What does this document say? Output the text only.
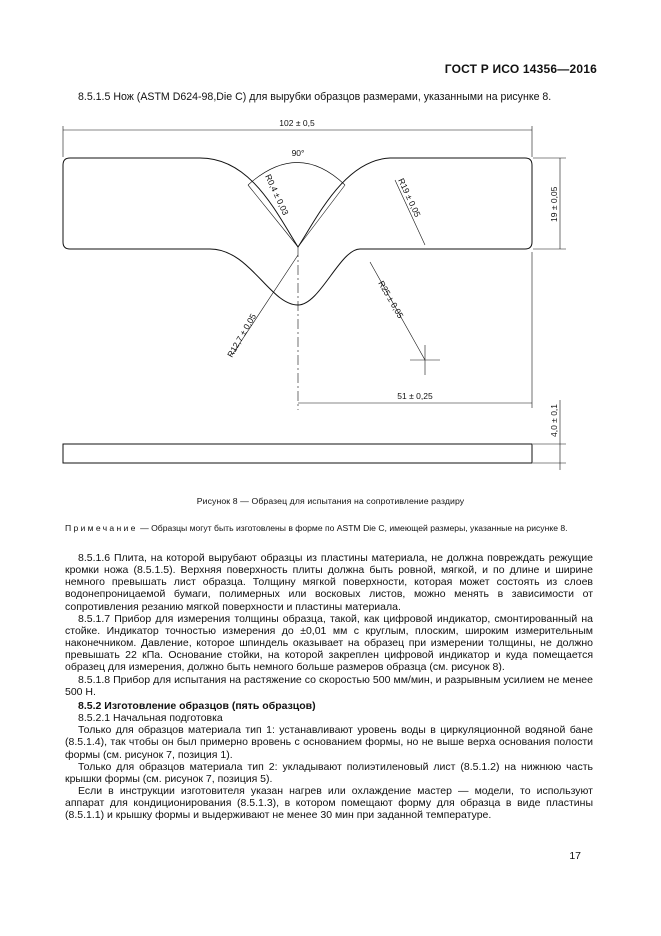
ГОСТ Р ИСО 14356—2016
8.5.1.5 Нож (ASTM D624-98,Die C) для вырубки образцов размерами, указанными на рисунке 8.
102 ± 0,5
90°
R0,4 ± 0,03	R19 ± 0,05	19 ± 0,05
R25 ± 0,05
R12,7 ± 0,05
51 ± 0,25
4,0 ± 0,1
Рисунок 8 — Образец для испытания на сопротивление раздиру
Примечание — Образцы могут быть изготовлены в форме по ASTM Die C, имеющей размеры, указанные на рисунке 8.

8.5.1.6 Плита, на которой вырубают образцы из пластины материала, не должна повреждать режущие кромки ножа (8.5.1.5). Верхняя поверхность плиты должна быть ровной, мягкой, и по длине и ширине немного превышать лист образца. Толщину мягкой поверхности, которая может состоять из слоев водонепроницаемой бумаги, полимерных или восковых листов, можно менять в зависимости от сопротивления резанию мягкой поверхности и пластины материала.

8.5.1.7 Прибор для измерения толщины образца, такой, как цифровой индикатор, смонтированный на стойке. Индикатор точностью измерения до ±0,01 мм с круглым, плоским, широким измерительным наконечником. Давление, которое шпиндель оказывает на образец при измерении толщины, не должно превышать 22 кПа. Основание стойки, на которой закреплен цифровой индикатор и куда помещается образец для измерения, должно быть немного больше размеров образца (см. рисунок 8).

8.5.1.8 Прибор для испытания на растяжение со скоростью 500 мм/мин, и разрывным усилием не менее 500 Н.

8.5.2 Изготовление образцов (пять образцов)

8.5.2.1 Начальная подготовка

Только для образцов материала тип 1: устанавливают уровень воды в циркуляционной водяной бане (8.5.1.4), так чтобы он был примерно вровень с основанием формы, но не выше верха основания полости формы (см. рисунок 7, позиция 1).

Только для образцов материала тип 2: укладывают полиэтиленовый лист (8.5.1.2) на нижнюю часть крышки формы (см. рисунок 7, позиция 5).

Если в инструкции изготовителя указан нагрев или охлаждение мастер — модели, то используют аппарат для кондиционирования (8.5.1.3), в котором помещают форму для образца в виде пластины (8.5.1.1) и крышку формы и выдерживают не менее 30 мин при заданной температуре.

17
